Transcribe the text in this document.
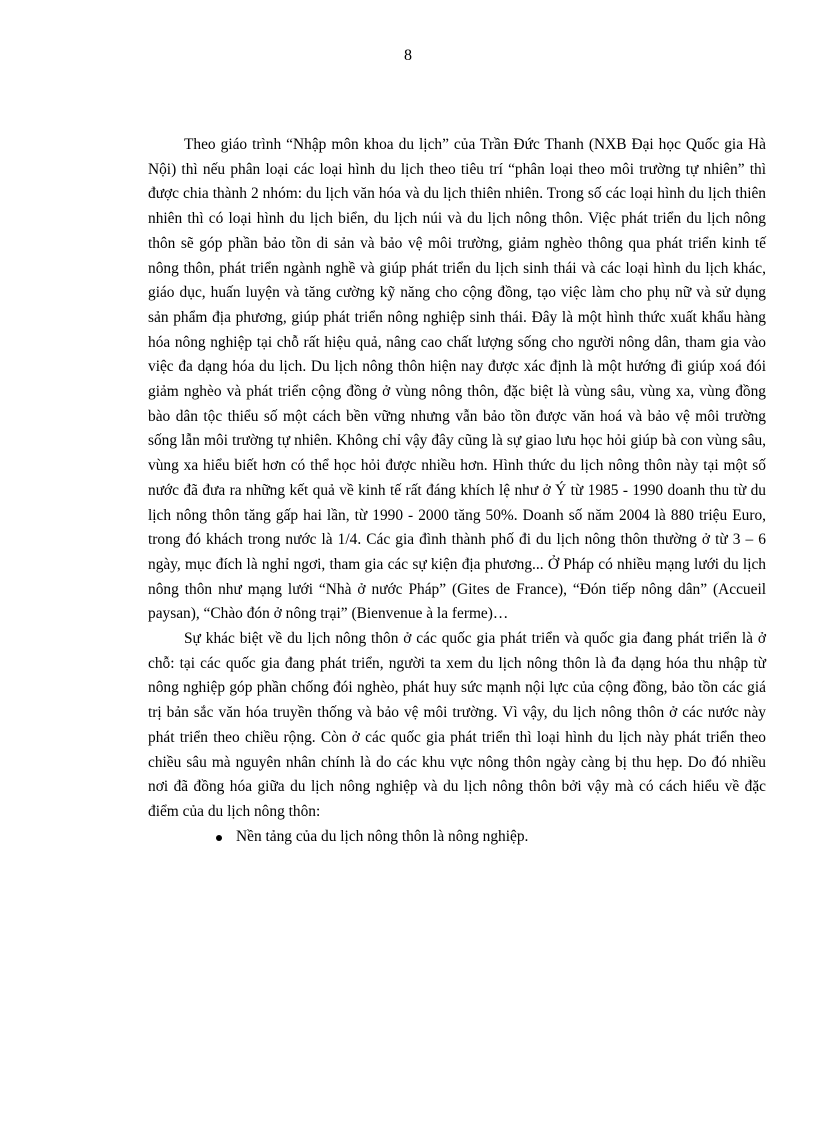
8

Theo giáo trình “Nhập môn khoa du lịch” của Trần Đức Thanh (NXB Đại học Quốc gia Hà Nội) thì nếu phân loại các loại hình du lịch theo tiêu trí “phân loại theo môi trường tự nhiên” thì được chia thành 2 nhóm: du lịch văn hóa và du lịch thiên nhiên. Trong số các loại hình du lịch thiên nhiên thì có loại hình du lịch biển, du lịch núi và du lịch nông thôn. Việc phát triển du lịch nông thôn sẽ góp phần bảo tồn di sản và bảo vệ môi trường, giảm nghèo thông qua phát triển kinh tế nông thôn, phát triển ngành nghề và giúp phát triển du lịch sinh thái và các loại hình du lịch khác, giáo dục, huấn luyện và tăng cường kỹ năng cho cộng đồng, tạo việc làm cho phụ nữ và sử dụng sản phẩm địa phương, giúp phát triển nông nghiệp sinh thái. Đây là một hình thức xuất khẩu hàng hóa nông nghiệp tại chỗ rất hiệu quả, nâng cao chất lượng sống cho người nông dân, tham gia vào việc đa dạng hóa du lịch. Du lịch nông thôn hiện nay được xác định là một hướng đi giúp xoá đói giảm nghèo và phát triển cộng đồng ở vùng nông thôn, đặc biệt là vùng sâu, vùng xa, vùng đồng bào dân tộc thiểu số một cách bền vững nhưng vẫn bảo tồn được văn hoá và bảo vệ môi trường sống lẫn môi trường tự nhiên. Không chỉ vậy đây cũng là sự giao lưu học hỏi giúp bà con vùng sâu, vùng xa hiểu biết hơn có thể học hỏi được nhiều hơn. Hình thức du lịch nông thôn này tại một số nước đã đưa ra những kết quả về kinh tế rất đáng khích lệ như ở Ý từ 1985 - 1990 doanh thu từ du lịch nông thôn tăng gấp hai lần, từ 1990 - 2000 tăng 50%. Doanh số năm 2004 là 880 triệu Euro, trong đó khách trong nước là 1/4. Các gia đình thành phố đi du lịch nông thôn thường ở từ 3 – 6 ngày, mục đích là nghỉ ngơi, tham gia các sự kiện địa phương... Ở Pháp có nhiều mạng lưới du lịch nông thôn như mạng lưới “Nhà ở nước Pháp” (Gites de France), “Đón tiếp nông dân” (Accueil paysan), “Chào đón ở nông trại” (Bienvenue à la ferme)…

Sự khác biệt về du lịch nông thôn ở các quốc gia phát triển và quốc gia đang phát triển là ở chỗ: tại các quốc gia đang phát triển, người ta xem du lịch nông thôn là đa dạng hóa thu nhập từ nông nghiệp góp phần chống đói nghèo, phát huy sức mạnh nội lực của cộng đồng, bảo tồn các giá trị bản sắc văn hóa truyền thống và bảo vệ môi trường. Vì vậy, du lịch nông thôn ở các nước này phát triển theo chiều rộng. Còn ở các quốc gia phát triển thì loại hình du lịch này phát triển theo chiều sâu mà nguyên nhân chính là do các khu vực nông thôn ngày càng bị thu hẹp. Do đó nhiều nơi đã đồng hóa giữa du lịch nông nghiệp và du lịch nông thôn bởi vậy mà có cách hiểu về đặc điểm của du lịch nông thôn:

Nền tảng của du lịch nông thôn là nông nghiệp.
